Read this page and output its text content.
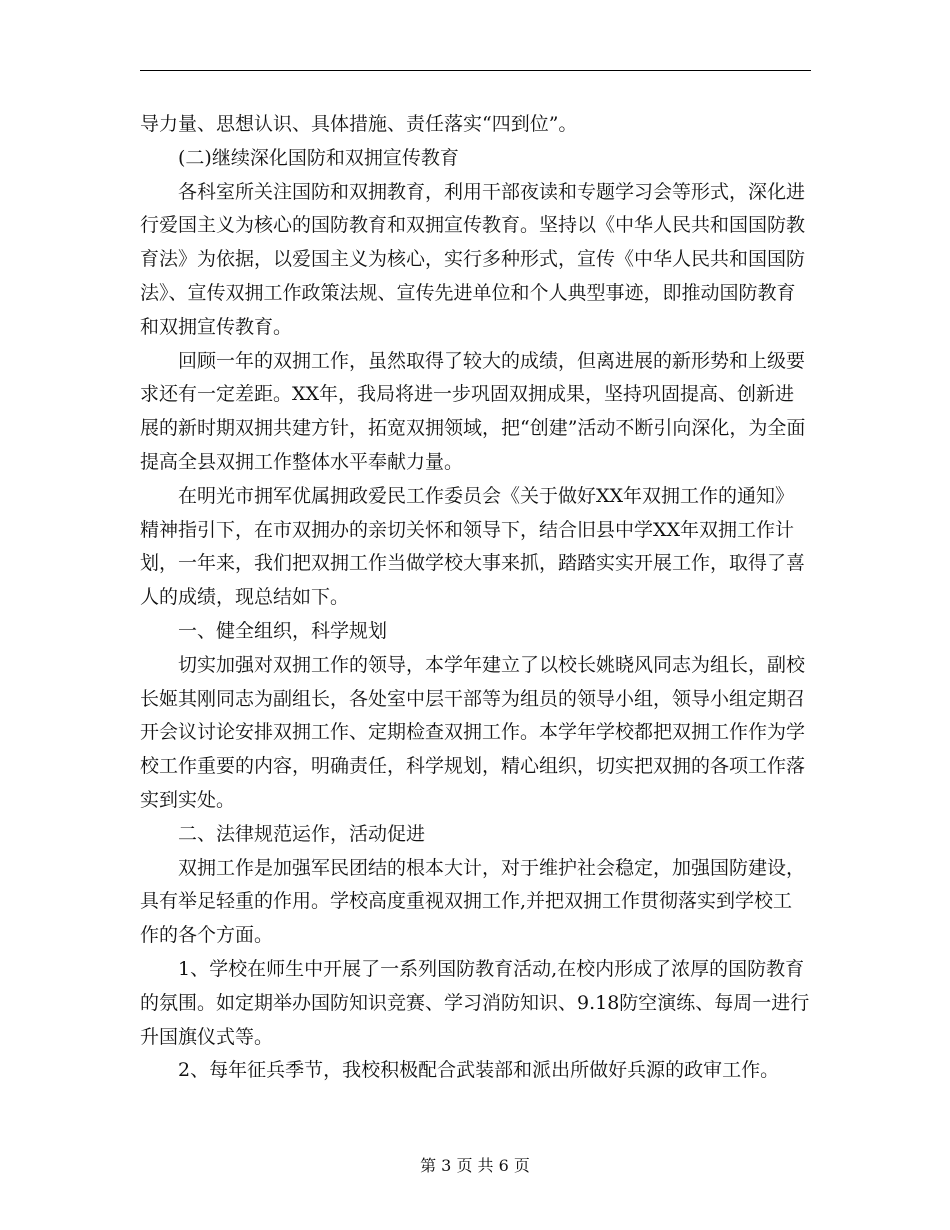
导力量、思想认识、具体措施、责任落实“四到位”。

(二)继续深化国防和双拥宣传教育

各科室所关注国防和双拥教育，利用干部夜读和专题学习会等形式，深化进行爱国主义为核心的国防教育和双拥宣传教育。坚持以《中华人民共和国国防教育法》为依据，以爱国主义为核心，实行多种形式，宣传《中华人民共和国国防法》、宣传双拥工作政策法规、宣传先进单位和个人典型事迹，即推动国防教育和双拥宣传教育。

回顾一年的双拥工作，虽然取得了较大的成绩，但离进展的新形势和上级要求还有一定差距。XX年，我局将进一步巩固双拥成果，坚持巩固提高、创新进展的新时期双拥共建方针，拓宽双拥领域，把“创建”活动不断引向深化，为全面提高全县双拥工作整体水平奉献力量。

在明光市拥军优属拥政爱民工作委员会《关于做好XX年双拥工作的通知》精神指引下，在市双拥办的亲切关怀和领导下，结合旧县中学XX年双拥工作计划，一年来，我们把双拥工作当做学校大事来抓，踏踏实实开展工作，取得了喜人的成绩，现总结如下。

一、健全组织，科学规划

切实加强对双拥工作的领导，本学年建立了以校长姚晓风同志为组长，副校长姬其刚同志为副组长，各处室中层干部等为组员的领导小组，领导小组定期召开会议讨论安排双拥工作、定期检查双拥工作。本学年学校都把双拥工作作为学校工作重要的内容，明确责任，科学规划，精心组织，切实把双拥的各项工作落实到实处。

二、法律规范运作，活动促进

双拥工作是加强军民团结的根本大计，对于维护社会稳定，加强国防建设，具有举足轻重的作用。学校高度重视双拥工作,并把双拥工作贯彻落实到学校工作的各个方面。

1、学校在师生中开展了一系列国防教育活动,在校内形成了浓厚的国防教育的氛围。如定期举办国防知识竞赛、学习消防知识、9.18防空演练、每周一进行升国旗仪式等。

2、每年征兵季节，我校积极配合武装部和派出所做好兵源的政审工作。

第 3 页 共 6 页
